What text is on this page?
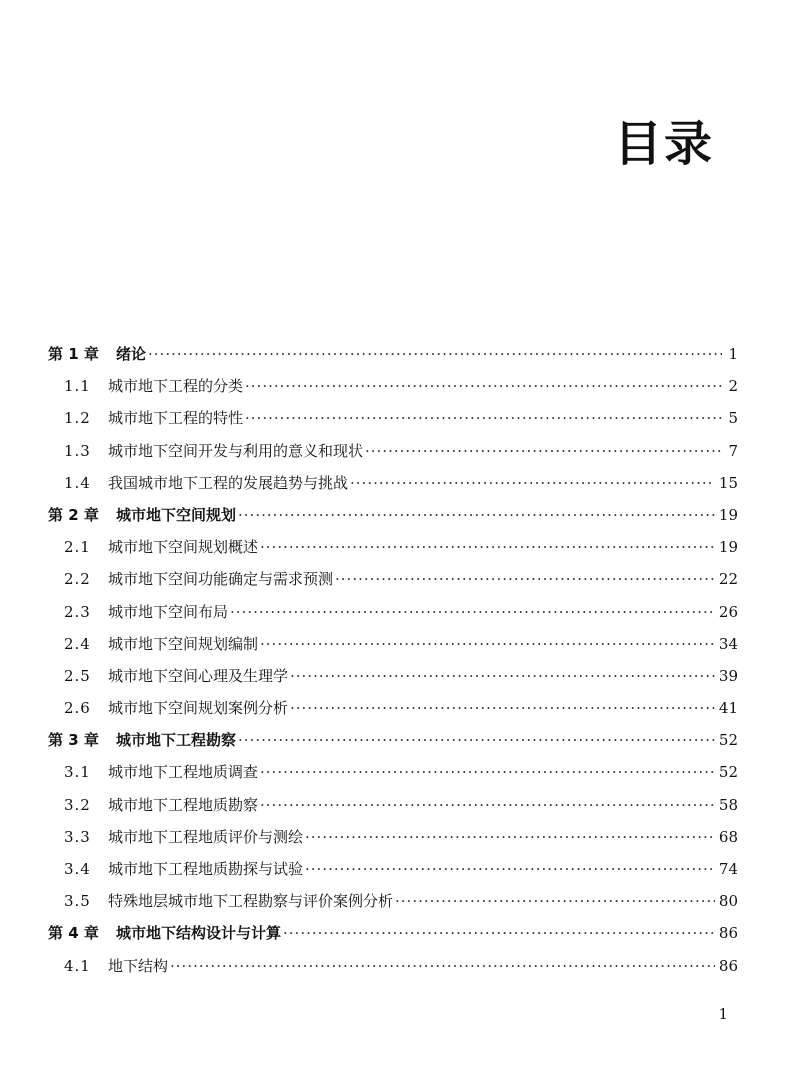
目录
第 1 章	绪论 ·····	1
1.1	城市地下工程的分类 ·····	2
1.2	城市地下工程的特性 ·····	5
1.3	城市地下空间开发与利用的意义和现状 ·····	7
1.4	我国城市地下工程的发展趋势与挑战 ·····	15
第 2 章	城市地下空间规划 ·····	19
2.1	城市地下空间规划概述 ·····	19
2.2	城市地下空间功能确定与需求预测 ·····	22
2.3	城市地下空间布局 ·····	26
2.4	城市地下空间规划编制 ·····	34
2.5	城市地下空间心理及生理学 ·····	39
2.6	城市地下空间规划案例分析 ·····	41
第 3 章	城市地下工程勘察 ·····	52
3.1	城市地下工程地质调查 ·····	52
3.2	城市地下工程地质勘察 ·····	58
3.3	城市地下工程地质评价与测绘 ·····	68
3.4	城市地下工程地质勘探与试验 ·····	74
3.5	特殊地层城市地下工程勘察与评价案例分析 ·····	80
第 4 章	城市地下结构设计与计算 ·····	86
4.1	地下结构 ·····	86
1
